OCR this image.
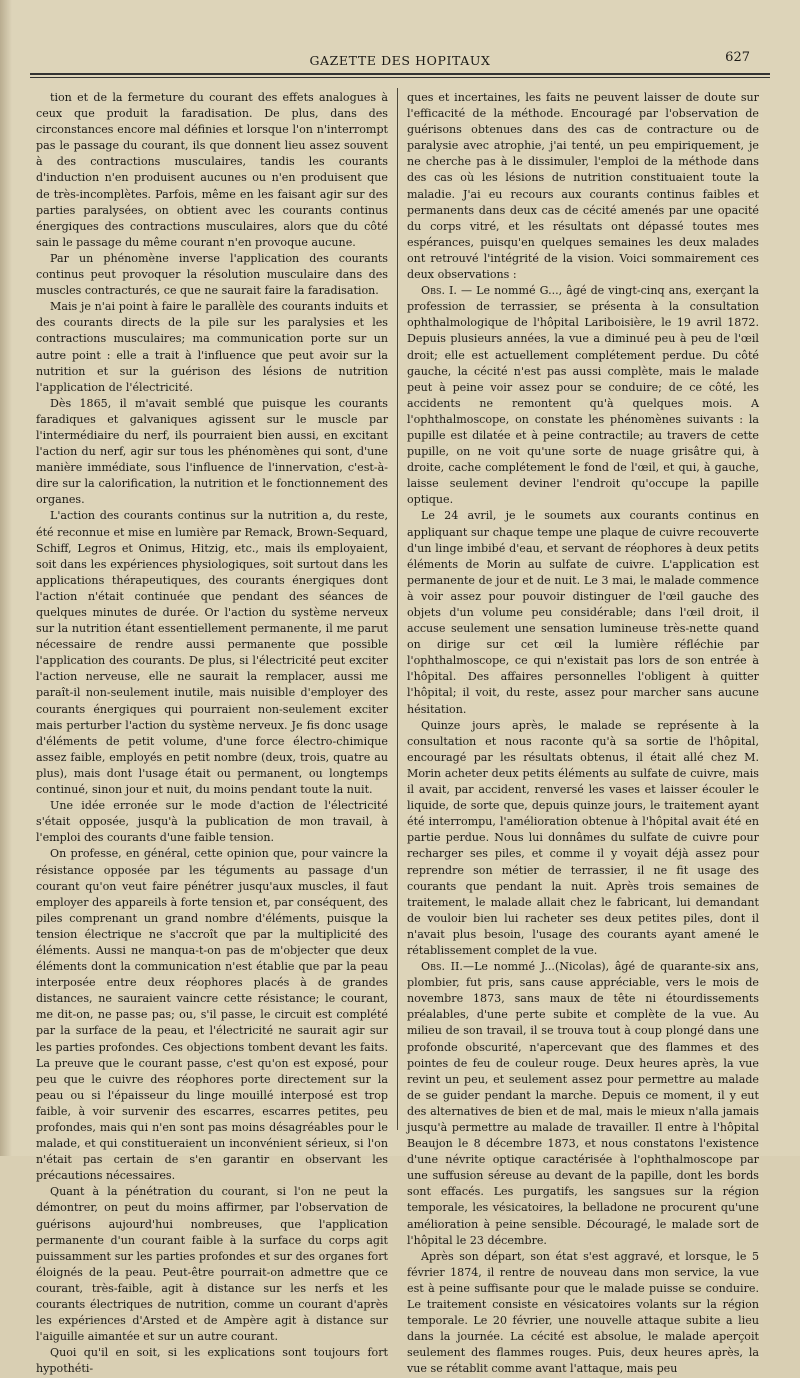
GAZETTE DES HOPITAUX	627

tion et de la fermeture du courant des effets analogues à ceux que produit la faradisation. De plus, dans des circonstances encore mal définies et lorsque l'on n'interrompt pas le passage du courant, ils que donnent lieu assez souvent à des contractions musculaires, tandis les courants d'induction n'en produisent aucunes ou n'en produisent que de très-incomplètes. Parfois, même en les faisant agir sur des parties paralysées, on obtient avec les courants continus énergiques des contractions musculaires, alors que du côté sain le passage du même courant n'en provoque aucune.

Par un phénomène inverse l'application des courants continus peut provoquer la résolution musculaire dans des muscles contracturés, ce que ne saurait faire la faradisation.

Mais je n'ai point à faire le parallèle des courants induits et des courants directs de la pile sur les paralysies et les contractions musculaires; ma communication porte sur un autre point : elle a trait à l'influence que peut avoir sur la nutrition et sur la guérison des lésions de nutrition l'application de l'électricité.

Dès 1865, il m'avait semblé que puisque les courants faradiques et galvaniques agissent sur le muscle par l'intermédiaire du nerf, ils pourraient bien aussi, en excitant l'action du nerf, agir sur tous les phénomènes qui sont, d'une manière immédiate, sous l'influence de l'innervation, c'est-à-dire sur la calorification, la nutrition et le fonctionnement des organes.

L'action des courants continus sur la nutrition a, du reste, été reconnue et mise en lumière par Remack, Brown-Sequard, Schiff, Legros et Onimus, Hitzig, etc., mais ils employaient, soit dans les expériences physiologiques, soit surtout dans les applications thérapeutiques, des courants énergiques dont l'action n'était continuée que pendant des séances de quelques minutes de durée. Or l'action du système nerveux sur la nutrition étant essentiellement permanente, il me parut nécessaire de rendre aussi permanente que possible l'application des courants. De plus, si l'électricité peut exciter l'action nerveuse, elle ne saurait la remplacer, aussi me paraît-il non-seulement inutile, mais nuisible d'employer des courants énergiques qui pourraient non-seulement exciter mais perturber l'action du système nerveux. Je fis donc usage d'éléments de petit volume, d'une force électro-chimique assez faible, employés en petit nombre (deux, trois, quatre au plus), mais dont l'usage était ou permanent, ou longtemps continué, sinon jour et nuit, du moins pendant toute la nuit.

Une idée erronée sur le mode d'action de l'électricité s'était opposée, jusqu'à la publication de mon travail, à l'emploi des courants d'une faible tension.

On professe, en général, cette opinion que, pour vaincre la résistance opposée par les téguments au passage d'un courant qu'on veut faire pénétrer jusqu'aux muscles, il faut employer des appareils à forte tension et, par conséquent, des piles comprenant un grand nombre d'éléments, puisque la tension électrique ne s'accroît que par la multiplicité des éléments. Aussi ne manqua-t-on pas de m'objecter que deux éléments dont la communication n'est établie que par la peau interposée entre deux réophores placés à de grandes distances, ne sauraient vaincre cette résistance; le courant, me dit-on, ne passe pas; ou, s'il passe, le circuit est complété par la surface de la peau, et l'électricité ne saurait agir sur les parties profondes. Ces objections tombent devant les faits. La preuve que le courant passe, c'est qu'on est exposé, pour peu que le cuivre des réophores porte directement sur la peau ou si l'épaisseur du linge mouillé interposé est trop faible, à voir survenir des escarres, escarres petites, peu profondes, mais qui n'en sont pas moins désagréables pour le malade, et qui constitueraient un inconvénient sérieux, si l'on n'était pas certain de s'en garantir en observant les précautions nécessaires.

Quant à la pénétration du courant, si l'on ne peut la démontrer, on peut du moins affirmer, par l'observation de guérisons aujourd'hui nombreuses, que l'application permanente d'un courant faible à la surface du corps agit puissamment sur les parties profondes et sur des organes fort éloignés de la peau. Peut-être pourrait-on admettre que ce courant, très-faible, agit à distance sur les nerfs et les courants électriques de nutrition, comme un courant d'après les expériences d'Arsted et de Ampère agit à distance sur l'aiguille aimantée et sur un autre courant.

Quoi qu'il en soit, si les explications sont toujours fort hypothéti-

ques et incertaines, les faits ne peuvent laisser de doute sur l'efficacité de la méthode. Encouragé par l'observation de guérisons obtenues dans des cas de contracture ou de paralysie avec atrophie, j'ai tenté, un peu empiriquement, je ne cherche pas à le dissimuler, l'emploi de la méthode dans des cas où les lésions de nutrition constituaient toute la maladie. J'ai eu recours aux courants continus faibles et permanents dans deux cas de cécité amenés par une opacité du corps vitré, et les résultats ont dépassé toutes mes espérances, puisqu'en quelques semaines les deux malades ont retrouvé l'intégrité de la vision. Voici sommairement ces deux observations :

Obs. I. — Le nommé G..., âgé de vingt-cinq ans, exerçant la profession de terrassier, se présenta à la consultation ophthalmologique de l'hôpital Lariboisière, le 19 avril 1872. Depuis plusieurs années, la vue a diminué peu à peu de l'œil droit; elle est actuellement complétement perdue. Du côté gauche, la cécité n'est pas aussi complète, mais le malade peut à peine voir assez pour se conduire; de ce côté, les accidents ne remontent qu'à quelques mois. A l'ophthalmoscope, on constate les phénomènes suivants : la pupille est dilatée et à peine contractile; au travers de cette pupille, on ne voit qu'une sorte de nuage grisâtre qui, à droite, cache complétement le fond de l'œil, et qui, à gauche, laisse seulement deviner l'endroit qu'occupe la papille optique.

Le 24 avril, je le soumets aux courants continus en appliquant sur chaque tempe une plaque de cuivre recouverte d'un linge imbibé d'eau, et servant de réophores à deux petits éléments de Morin au sulfate de cuivre. L'application est permanente de jour et de nuit. Le 3 mai, le malade commence à voir assez pour pouvoir distinguer de l'œil gauche des objets d'un volume peu considérable; dans l'œil droit, il accuse seulement une sensation lumineuse très-nette quand on dirige sur cet œil la lumière réfléchie par l'ophthalmoscope, ce qui n'existait pas lors de son entrée à l'hôpital. Des affaires personnelles l'obligent à quitter l'hôpital; il voit, du reste, assez pour marcher sans aucune hésitation.

Quinze jours après, le malade se représente à la consultation et nous raconte qu'à sa sortie de l'hôpital, encouragé par les résultats obtenus, il était allé chez M. Morin acheter deux petits éléments au sulfate de cuivre, mais il avait, par accident, renversé les vases et laisser écouler le liquide, de sorte que, depuis quinze jours, le traitement ayant été interrompu, l'amélioration obtenue à l'hôpital avait été en partie perdue. Nous lui donnâmes du sulfate de cuivre pour recharger ses piles, et comme il y voyait déjà assez pour reprendre son métier de terrassier, il ne fit usage des courants que pendant la nuit. Après trois semaines de traitement, le malade allait chez le fabricant, lui demandant de vouloir bien lui racheter ses deux petites piles, dont il n'avait plus besoin, l'usage des courants ayant amené le rétablissement complet de la vue.

Obs. II.—Le nommé J...(Nicolas), âgé de quarante-six ans, plombier, fut pris, sans cause appréciable, vers le mois de novembre 1873, sans maux de tête ni étourdissements préalables, d'une perte subite et complète de la vue. Au milieu de son travail, il se trouva tout à coup plongé dans une profonde obscurité, n'apercevant que des flammes et des pointes de feu de couleur rouge. Deux heures après, la vue revint un peu, et seulement assez pour permettre au malade de se guider pendant la marche. Depuis ce moment, il y eut des alternatives de bien et de mal, mais le mieux n'alla jamais jusqu'à permettre au malade de travailler. Il entre à l'hôpital Beaujon le 8 décembre 1873, et nous constatons l'existence d'une névrite optique caractérisée à l'ophthalmoscope par une suffusion séreuse au devant de la papille, dont les bords sont effacés. Les purgatifs, les sangsues sur la région temporale, les vésicatoires, la belladone ne procurent qu'une amélioration à peine sensible. Découragé, le malade sort de l'hôpital le 23 décembre.

Après son départ, son état s'est aggravé, et lorsque, le 5 février 1874, il rentre de nouveau dans mon service, la vue est à peine suffisante pour que le malade puisse se conduire. Le traitement consiste en vésicatoires volants sur la région temporale. Le 20 février, une nouvelle attaque subite a lieu dans la journée. La cécité est absolue, le malade aperçoit seulement des flammes rouges. Puis, deux heures après, la vue se rétablit comme avant l'attaque, mais peu
